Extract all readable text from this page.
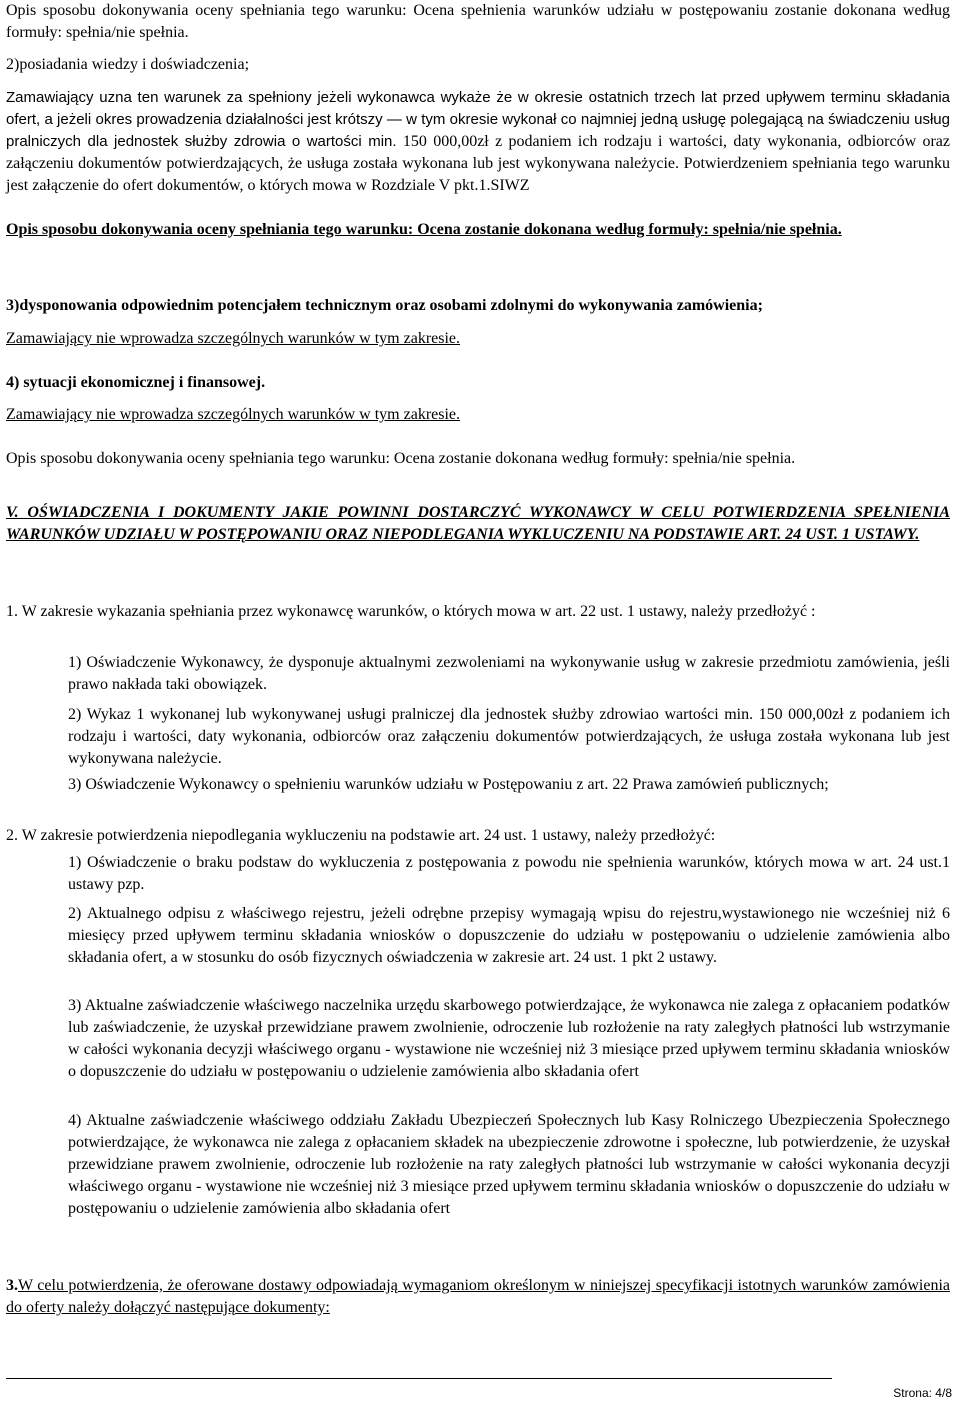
Opis sposobu dokonywania oceny spełniania tego warunku: Ocena spełnienia warunków udziału w postępowaniu zostanie dokonana według formuły: spełnia/nie spełnia.

2)posiadania wiedzy i doświadczenia;

Zamawiający uzna ten warunek za spełniony jeżeli wykonawca wykaże że w okresie ostatnich trzech lat przed upływem terminu składania ofert, a jeżeli okres prowadzenia działalności jest krótszy — w tym okresie wykonał co najmniej jedną usługę polegającą na świadczeniu usług pralniczych dla jednostek służby zdrowia o wartości min. 150 000,00zł z podaniem ich rodzaju i wartości, daty wykonania, odbiorców oraz załączeniu dokumentów potwierdzających, że usługa została wykonana lub jest wykonywana należycie. Potwierdzeniem spełniania tego warunku jest załączenie do ofert dokumentów, o których mowa w Rozdziale V pkt.1.SIWZ

Opis sposobu dokonywania oceny spełniania tego warunku: Ocena zostanie dokonana według formuły: spełnia/nie spełnia.

3)dysponowania odpowiednim potencjałem technicznym oraz osobami zdolnymi do wykonywania zamówienia;

Zamawiający nie wprowadza szczególnych warunków w tym zakresie.

4) sytuacji ekonomicznej i finansowej.

Zamawiający nie wprowadza szczególnych warunków w tym zakresie.

Opis sposobu dokonywania oceny spełniania tego warunku: Ocena zostanie dokonana według formuły: spełnia/nie spełnia.

V. OŚWIADCZENIA I DOKUMENTY JAKIE POWINNI DOSTARCZYĆ WYKONAWCY W CELU POTWIERDZENIA SPEŁNIENIA WARUNKÓW UDZIAŁU W POSTĘPOWANIU ORAZ NIEPODLEGANIA WYKLUCZENIU NA PODSTAWIE ART. 24 UST. 1 USTAWY.

1. W zakresie wykazania spełniania przez wykonawcę warunków, o których mowa w art. 22 ust. 1 ustawy, należy przedłożyć :

1) Oświadczenie Wykonawcy, że dysponuje aktualnymi zezwoleniami na wykonywanie usług w zakresie przedmiotu zamówienia, jeśli prawo nakłada taki obowiązek.

2) Wykaz 1 wykonanej lub wykonywanej usługi pralniczej dla jednostek służby zdrowiao wartości min. 150 000,00zł z podaniem ich rodzaju i wartości, daty wykonania, odbiorców oraz załączeniu dokumentów potwierdzających, że usługa została wykonana lub jest wykonywana należycie.

3) Oświadczenie Wykonawcy o spełnieniu warunków udziału w Postępowaniu z art. 22 Prawa zamówień publicznych;

2. W zakresie potwierdzenia niepodlegania wykluczeniu na podstawie art. 24 ust. 1 ustawy, należy przedłożyć:

1) Oświadczenie o braku podstaw do wykluczenia z postępowania z powodu nie spełnienia warunków, których mowa w art. 24 ust.1 ustawy pzp.

2) Aktualnego odpisu z właściwego rejestru, jeżeli odrębne przepisy wymagają wpisu do rejestru,wystawionego nie wcześniej niż 6 miesięcy przed upływem terminu składania wniosków o dopuszczenie do udziału w postępowaniu o udzielenie zamówienia albo składania ofert, a w stosunku do osób fizycznych oświadczenia w zakresie art. 24 ust. 1 pkt 2 ustawy.

3) Aktualne zaświadczenie właściwego naczelnika urzędu skarbowego potwierdzające, że wykonawca nie zalega z opłacaniem podatków lub zaświadczenie, że uzyskał przewidziane prawem zwolnienie, odroczenie lub rozłożenie na raty zaległych płatności lub wstrzymanie w całości wykonania decyzji właściwego organu - wystawione nie wcześniej niż 3 miesiące przed upływem terminu składania wniosków o dopuszczenie do udziału w postępowaniu o udzielenie zamówienia albo składania ofert

4) Aktualne zaświadczenie właściwego oddziału Zakładu Ubezpieczeń Społecznych lub Kasy Rolniczego Ubezpieczenia Społecznego potwierdzające, że wykonawca nie zalega z opłacaniem składek na ubezpieczenie zdrowotne i społeczne, lub potwierdzenie, że uzyskał przewidziane prawem zwolnienie, odroczenie lub rozłożenie na raty zaległych płatności lub wstrzymanie w całości wykonania decyzji właściwego organu - wystawione nie wcześniej niż 3 miesiące przed upływem terminu składania wniosków o dopuszczenie do udziału w postępowaniu o udzielenie zamówienia albo składania ofert

3.W celu potwierdzenia, że oferowane dostawy odpowiadają wymaganiom określonym w niniejszej specyfikacji istotnych warunków zamówienia do oferty należy dołączyć następujące dokumenty:

Strona: 4/8
